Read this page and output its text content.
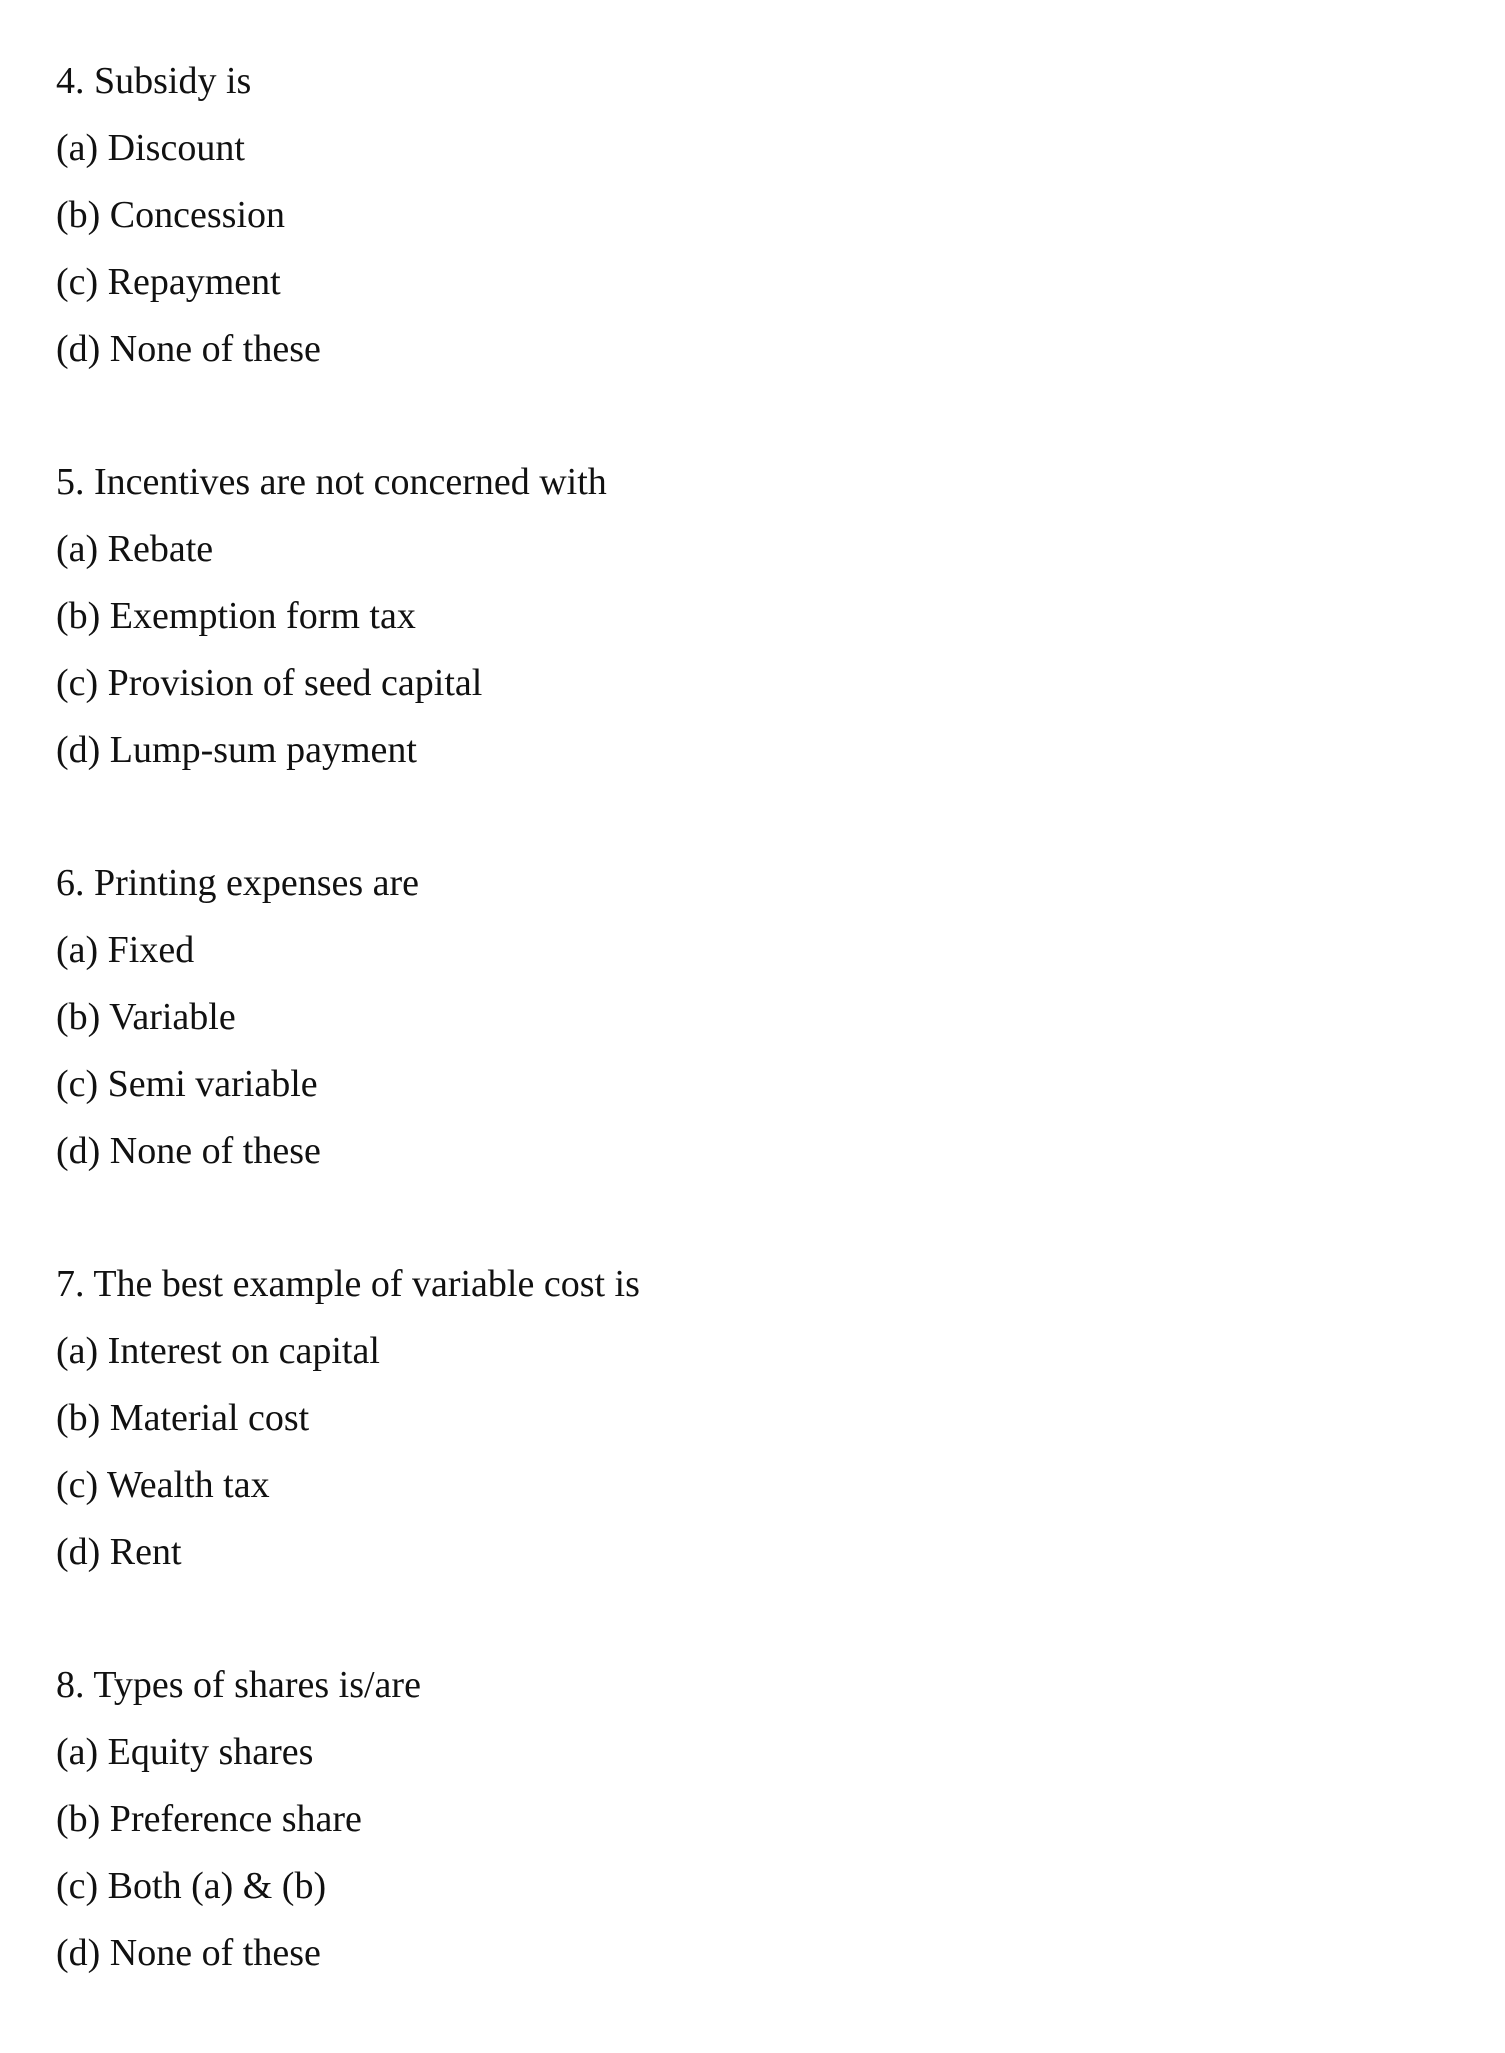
4. Subsidy is
(a) Discount
(b) Concession
(c) Repayment
(d) None of these
5. Incentives are not concerned with
(a) Rebate
(b) Exemption form tax
(c) Provision of seed capital
(d) Lump-sum payment
6. Printing expenses are
(a) Fixed
(b) Variable
(c) Semi variable
(d) None of these
7. The best example of variable cost is
(a) Interest on capital
(b) Material cost
(c) Wealth tax
(d) Rent
8. Types of shares is/are
(a) Equity shares
(b) Preference share
(c) Both (a) & (b)
(d) None of these
